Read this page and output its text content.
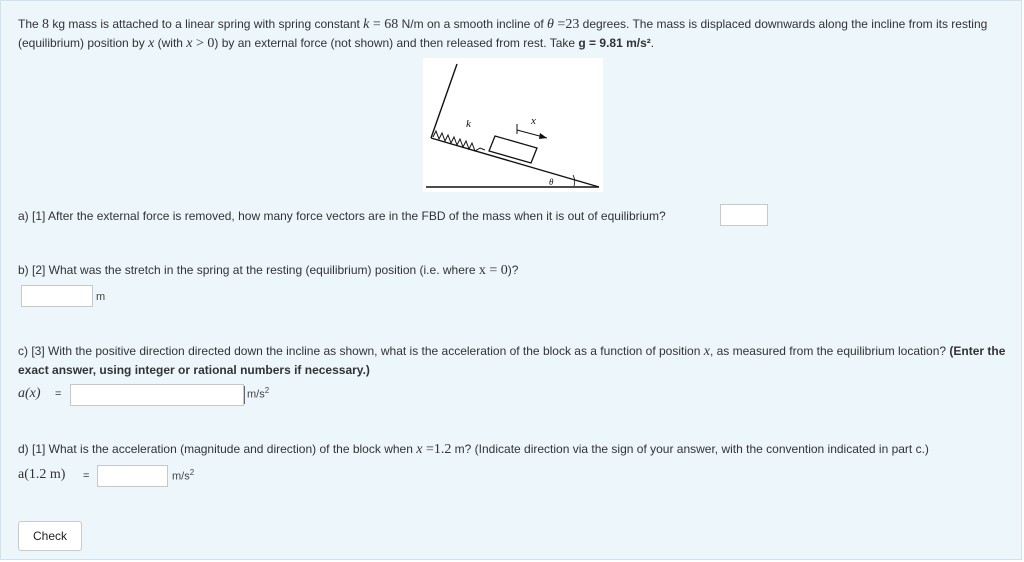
The 8 kg mass is attached to a linear spring with spring constant k = 68 N/m on a smooth incline of θ =23 degrees. The mass is displaced downwards along the incline from its resting (equilibrium) position by x (with x > 0) by an external force (not shown) and then released from rest. Take g = 9.81 m/s².
k	x
θ
a) [1] After the external force is removed, how many force vectors are in the FBD of the mass when it is out of equilibrium?
b) [2] What was the stretch in the spring at the resting (equilibrium) position (i.e. where x = 0)?
m
c) [3] With the positive direction directed down the incline as shown, what is the acceleration of the block as a function of position x, as measured from the equilibrium location? (Enter the exact answer, using integer or rational numbers if necessary.)
a(x) =	$m/s^2$
d) [1] What is the acceleration (magnitude and direction) of the block when x =1.2 m? (Indicate direction via the sign of your answer, with the convention indicated in part c.)
a(1.2 m) =	$m/s^2$
Check
